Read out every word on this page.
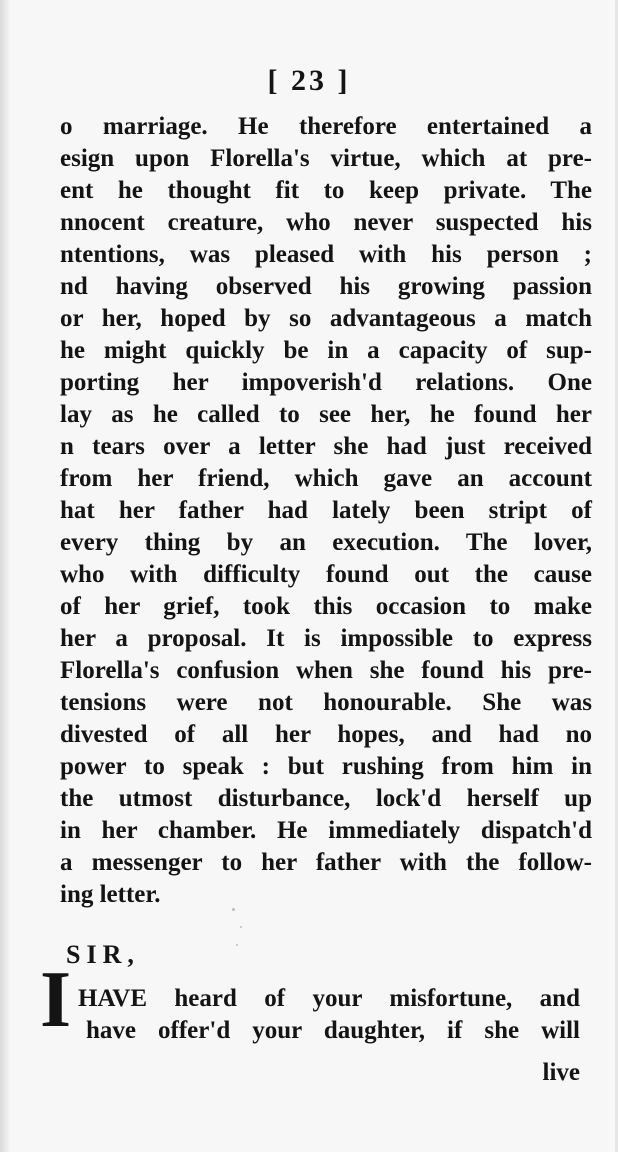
[ 23 ]
o marriage. He therefore entertained a
esign upon Florella's virtue, which at pre-
ent he thought fit to keep private. The
nnocent creature, who never suspected his
ntentions, was pleased with his person ;
nd having observed his growing passion
or her, hoped by so advantageous a match
he might quickly be in a capacity of sup-
porting her impoverish'd relations. One
lay as he called to see her, he found her
n tears over a letter she had just received
from her friend, which gave an account
hat her father had lately been stript of
every thing by an execution. The lover,
who with difficulty found out the cause
of her grief, took this occasion to make
her a proposal. It is impossible to express
Florella's confusion when she found his pre-
tensions were not honourable. She was
divested of all her hopes, and had no
power to speak : but rushing from him in
the utmost disturbance, lock'd herself up
in her chamber. He immediately dispatch'd
a messenger to her father with the follow-
ing letter.
SIR,
I HAVE heard of your misfortune, and
have offer'd your daughter, if she will
live
